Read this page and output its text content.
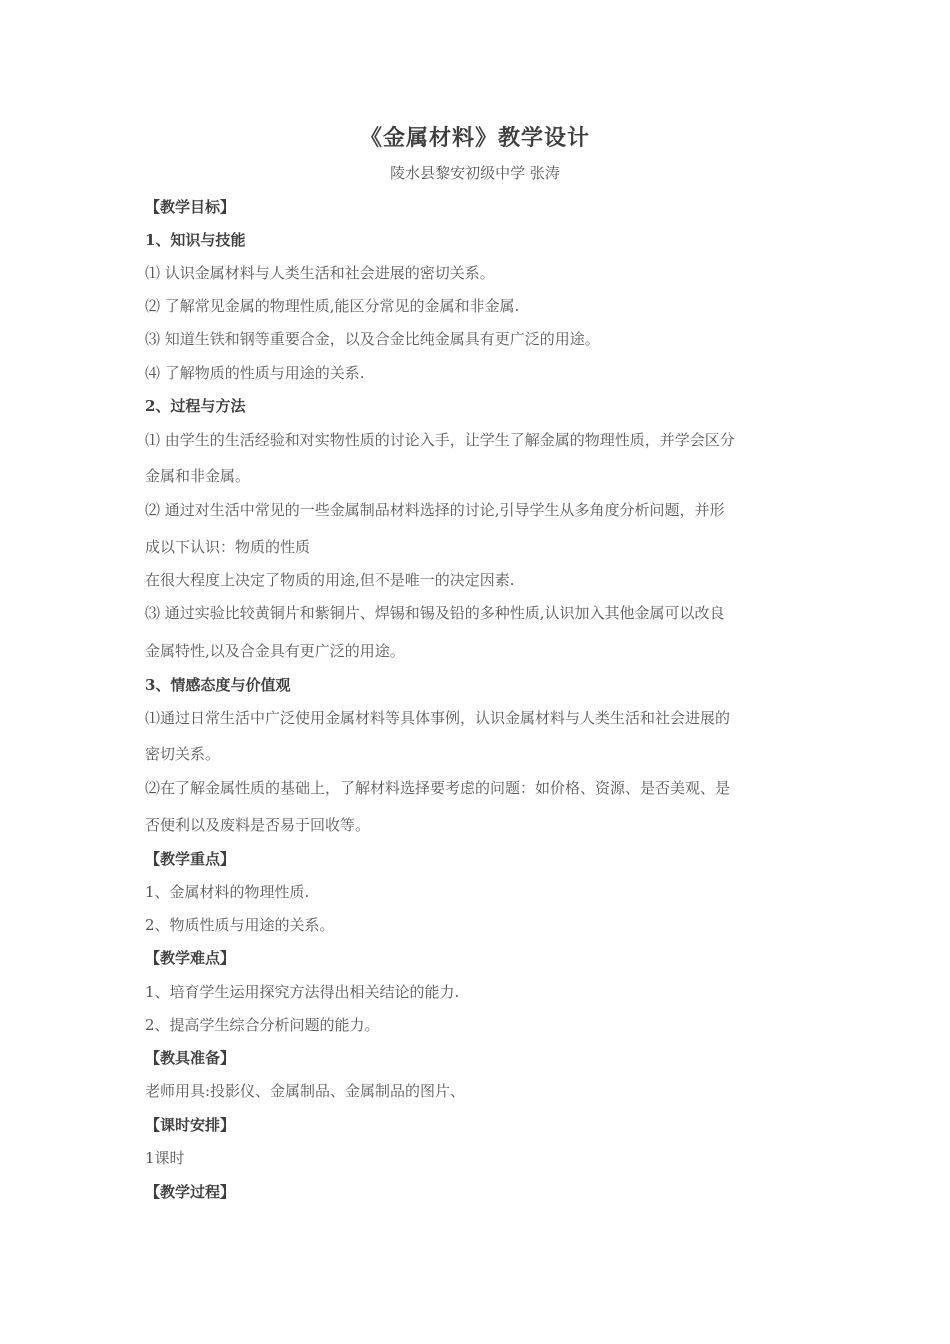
《金属材料》教学设计
陵水县黎安初级中学 张涛
【教学目标】
1、知识与技能
⑴ 认识金属材料与人类生活和社会进展的密切关系。
⑵ 了解常见金属的物理性质,能区分常见的金属和非金属.
⑶ 知道生铁和钢等重要合金，以及合金比纯金属具有更广泛的用途。
⑷ 了解物质的性质与用途的关系.
2、过程与方法
⑴ 由学生的生活经验和对实物性质的讨论入手，让学生了解金属的物理性质，并学会区分
金属和非金属。
⑵ 通过对生活中常见的一些金属制品材料选择的讨论,引导学生从多角度分析问题，并形
成以下认识：物质的性质
在很大程度上决定了物质的用途,但不是唯一的决定因素.
⑶ 通过实验比较黄铜片和紫铜片、焊锡和锡及铅的多种性质,认识加入其他金属可以改良
金属特性,以及合金具有更广泛的用途。
3、情感态度与价值观
⑴通过日常生活中广泛使用金属材料等具体事例，认识金属材料与人类生活和社会进展的
密切关系。
⑵在了解金属性质的基础上，了解材料选择要考虑的问题：如价格、资源、是否美观、是
否便利以及废料是否易于回收等。
【教学重点】
1、金属材料的物理性质.
2、物质性质与用途的关系。
【教学难点】
1、培育学生运用探究方法得出相关结论的能力.
2、提高学生综合分析问题的能力。
【教具准备】
老师用具:投影仪、金属制品、金属制品的图片、
【课时安排】
1课时
【教学过程】
